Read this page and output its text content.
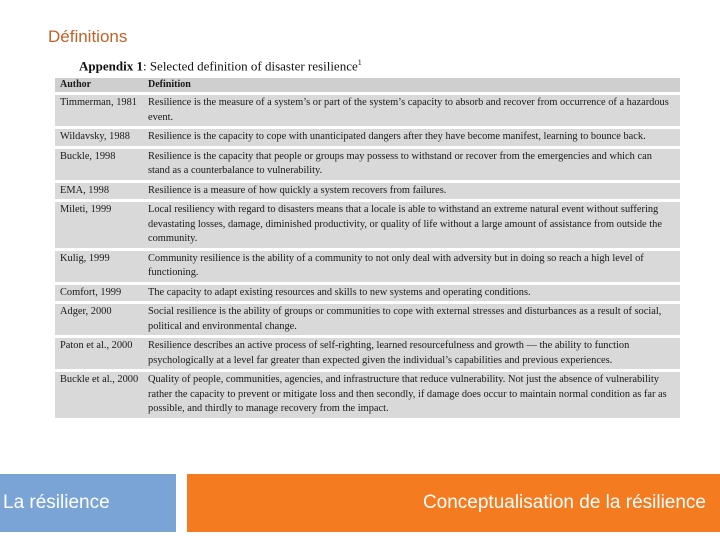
Définitions
Appendix 1: Selected definition of disaster resilience$^1$
Author	Definition
Timmerman, 1981	Resilience is the measure of a system’s or part of the system’s capacity to absorb and recover from occurrence of a hazardous event.
Wildavsky, 1988	Resilience is the capacity to cope with unanticipated dangers after they have become manifest, learning to bounce back.
Buckle, 1998	Resilience is the capacity that people or groups may possess to withstand or recover from the emergencies and which can stand as a counterbalance to vulnerability.
EMA, 1998	Resilience is a measure of how quickly a system recovers from failures.
Mileti, 1999	Local resiliency with regard to disasters means that a locale is able to withstand an extreme natural event without suffering devastating losses, damage, diminished productivity, or quality of life without a large amount of assistance from outside the community.
Kulig, 1999	Community resilience is the ability of a community to not only deal with adversity but in doing so reach a high level of functioning.
Comfort, 1999	The capacity to adapt existing resources and skills to new systems and operating conditions.
Adger, 2000	Social resilience is the ability of groups or communities to cope with external stresses and disturbances as a result of social, political and environmental change.
Paton et al., 2000	Resilience describes an active process of self-righting, learned resourcefulness and growth — the ability to function psychologically at a level far greater than expected given the individual’s capabilities and previous experiences.
Buckle et al., 2000	Quality of people, communities, agencies, and infrastructure that reduce vulnerability. Not just the absence of vulnerability rather the capacity to prevent or mitigate loss and then secondly, if damage does occur to maintain normal condition as far as possible, and thirdly to manage recovery from the impact.
La résilience	Conceptualisation de la résilience
